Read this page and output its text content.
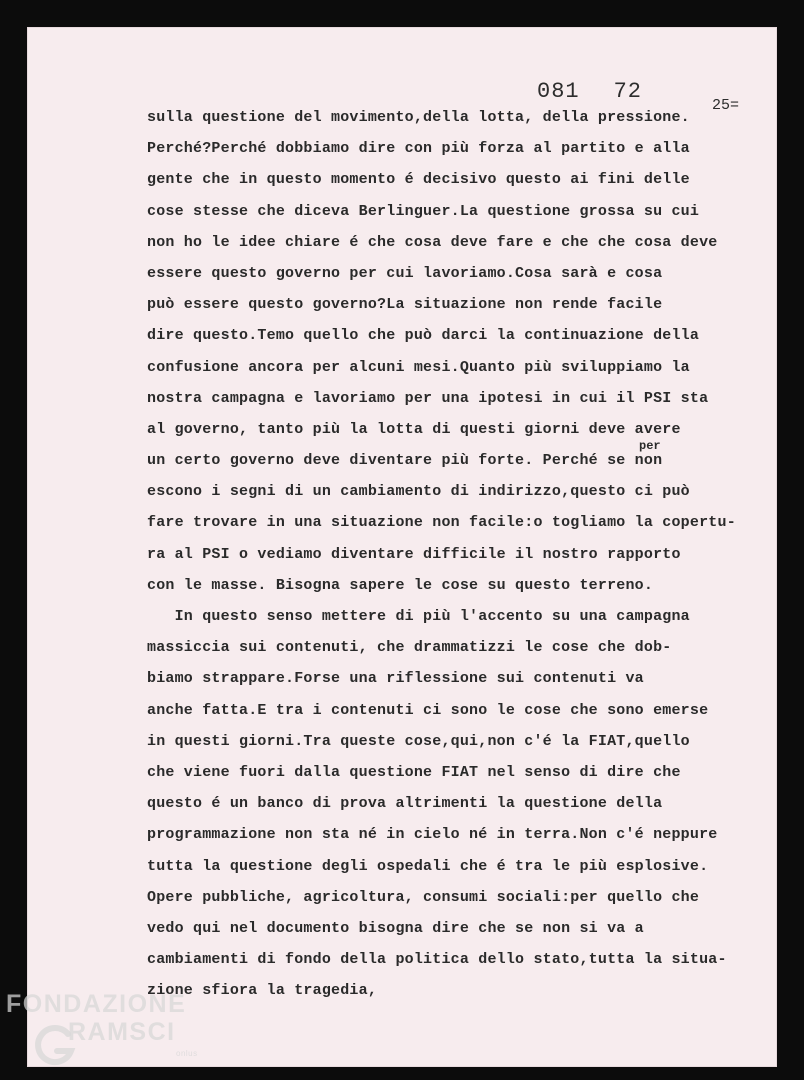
081 72
25=
per
sulla questione del movimento,della lotta, della pressione.
Perché?Perché dobbiamo dire con più forza al partito e alla
gente che in questo momento é decisivo questo ai fini delle
cose stesse che diceva Berlinguer.La questione grossa su cui
non ho le idee chiare é che cosa deve fare e che che cosa deve
essere questo governo per cui lavoriamo.Cosa sarà e cosa
può essere questo governo?La situazione non rende facile
dire questo.Temo quello che può darci la continuazione della
confusione ancora per alcuni mesi.Quanto più sviluppiamo la
nostra campagna e lavoriamo per una ipotesi in cui il PSI sta
al governo, tanto più la lotta di questi giorni deve avere
un certo governo deve diventare più forte. Perché se non
escono i segni di un cambiamento di indirizzo,questo ci può
fare trovare in una situazione non facile:o togliamo la copertu-
ra al PSI o vediamo diventare difficile il nostro rapporto
con le masse. Bisogna sapere le cose su questo terreno.
In questo senso mettere di più l'accento su una campagna
massiccia sui contenuti, che drammatizzi le cose che dob-
biamo strappare.Forse una riflessione sui contenuti va
anche fatta.E tra i contenuti ci sono le cose che sono emerse
in questi giorni.Tra queste cose,qui,non c'é la FIAT,quello
che viene fuori dalla questione FIAT nel senso di dire che
questo é un banco di prova altrimenti la questione della
programmazione non sta né in cielo né in terra.Non c'é neppure
tutta la questione degli ospedali che é tra le più esplosive.
Opere pubbliche, agricoltura, consumi sociali:per quello che
vedo qui nel documento bisogna dire che se non si va a
cambiamenti di fondo della politica dello stato,tutta la situa-
zione sfiora la tragedia,
FONDAZIONE
RAMSCI
onlus
